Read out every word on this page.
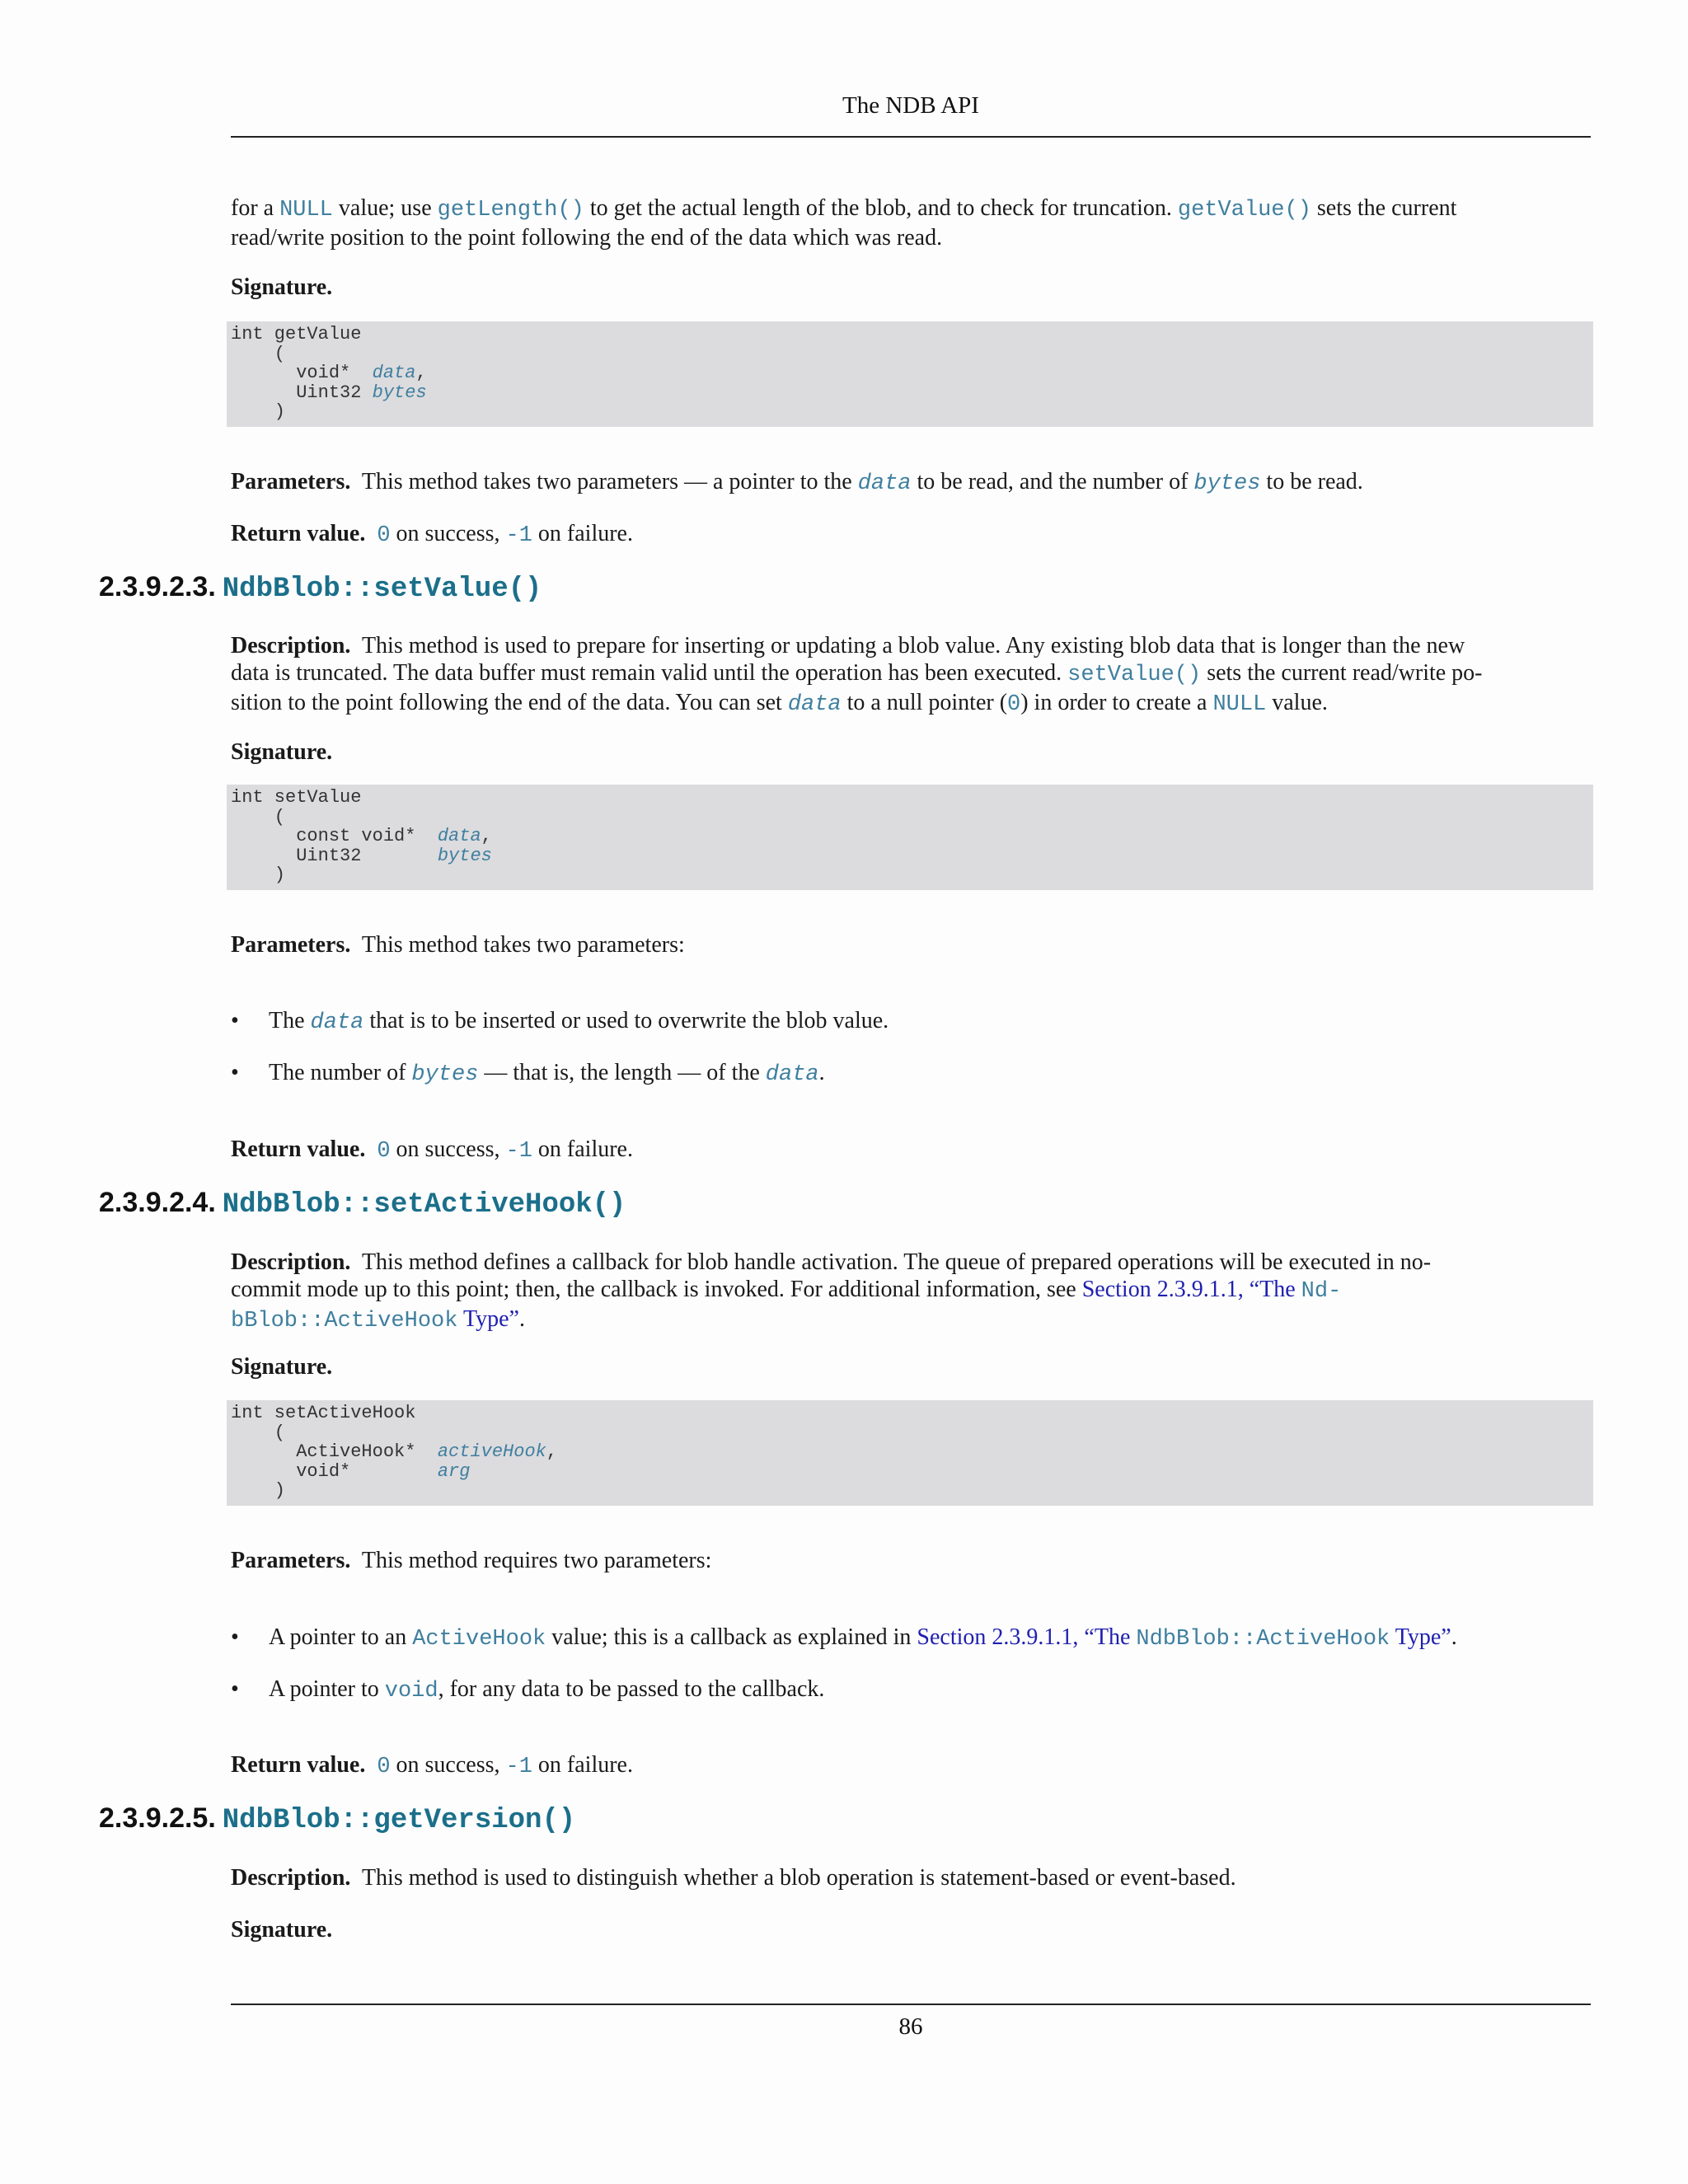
The NDB API
for a NULL value; use getLength() to get the actual length of the blob, and to check for truncation. getValue() sets the current
read/write position to the point following the end of the data which was read.
Signature.
int getValue
(
void*  data,
Uint32 bytes
)
Parameters. This method takes two parameters — a pointer to the data to be read, and the number of bytes to be read.
Return value. 0 on success, -1 on failure.
2.3.9.2.3. NdbBlob::setValue()
Description. This method is used to prepare for inserting or updating a blob value. Any existing blob data that is longer than the new
data is truncated. The data buffer must remain valid until the operation has been executed. setValue() sets the current read/write po-
sition to the point following the end of the data. You can set data to a null pointer (0) in order to create a NULL value.
Signature.
int setValue
(
const void*  data,
Uint32       bytes
)
Parameters. This method takes two parameters:
• The data that is to be inserted or used to overwrite the blob value.
• The number of bytes — that is, the length — of the data.
Return value. 0 on success, -1 on failure.
2.3.9.2.4. NdbBlob::setActiveHook()
Description. This method defines a callback for blob handle activation. The queue of prepared operations will be executed in no-
commit mode up to this point; then, the callback is invoked. For additional information, see Section 2.3.9.1.1, “The Nd-
bBlob::ActiveHook Type”.
Signature.
int setActiveHook
(
ActiveHook*  activeHook,
void*        arg
)
Parameters. This method requires two parameters:
• A pointer to an ActiveHook value; this is a callback as explained in Section 2.3.9.1.1, “The NdbBlob::ActiveHook Type”.
• A pointer to void, for any data to be passed to the callback.
Return value. 0 on success, -1 on failure.
2.3.9.2.5. NdbBlob::getVersion()
Description. This method is used to distinguish whether a blob operation is statement-based or event-based.
Signature.
86
